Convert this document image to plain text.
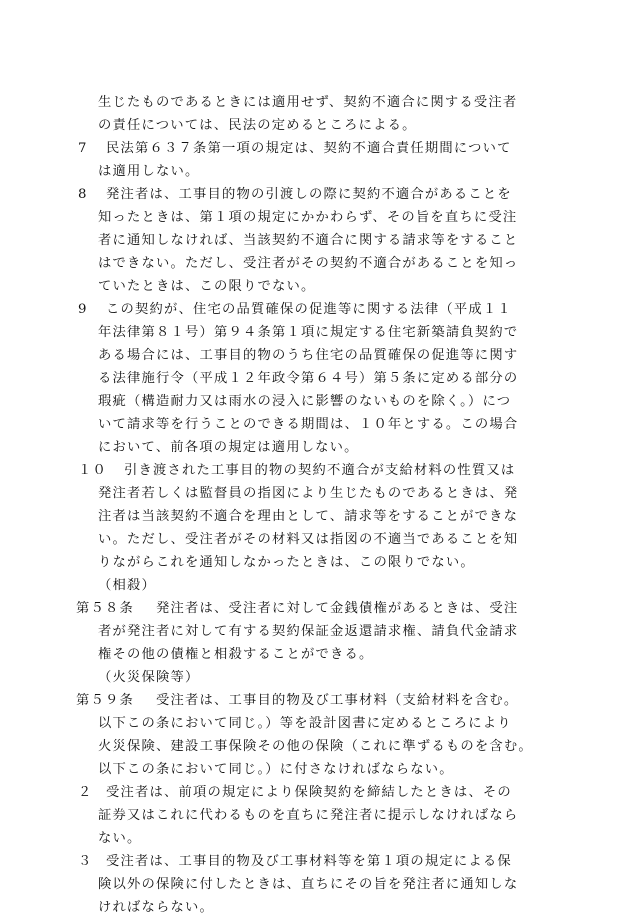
生じたものであるときには適用せず、契約不適合に関する受注者
の責任については、民法の定めるところによる。
7	民法第６３７条第一項の規定は、契約不適合責任期間について
は適用しない。
8	発注者は、工事目的物の引渡しの際に契約不適合があることを
知ったときは、第１項の規定にかかわらず、その旨を直ちに受注
者に通知しなければ、当該契約不適合に関する請求等をすること
はできない。ただし、受注者がその契約不適合があることを知っ
ていたときは、この限りでない。
9	この契約が、住宅の品質確保の促進等に関する法律（平成１１
年法律第８１号）第９４条第１項に規定する住宅新築請負契約で
ある場合には、工事目的物のうち住宅の品質確保の促進等に関す
る法律施行令（平成１２年政令第６４号）第５条に定める部分の
瑕疵（構造耐力又は雨水の浸入に影響のないものを除く。）につ
いて請求等を行うことのできる期間は、１０年とする。この場合
において、前各項の規定は適用しない。
１０	引き渡された工事目的物の契約不適合が支給材料の性質又は
発注者若しくは監督員の指図により生じたものであるときは、発
注者は当該契約不適合を理由として、請求等をすることができな
い。ただし、受注者がその材料又は指図の不適当であることを知
りながらこれを通知しなかったときは、この限りでない。
（相殺）
第５８条	発注者は、受注者に対して金銭債権があるときは、受注
者が発注者に対して有する契約保証金返還請求権、請負代金請求
権その他の債権と相殺することができる。
（火災保険等）
第５９条	受注者は、工事目的物及び工事材料（支給材料を含む。
以下この条において同じ。）等を設計図書に定めるところにより
火災保険、建設工事保険その他の保険（これに準ずるものを含む。
以下この条において同じ。）に付さなければならない。
２	受注者は、前項の規定により保険契約を締結したときは、その
証券又はこれに代わるものを直ちに発注者に提示しなければなら
ない。
３	受注者は、工事目的物及び工事材料等を第１項の規定による保
険以外の保険に付したときは、直ちにその旨を発注者に通知しな
ければならない。
